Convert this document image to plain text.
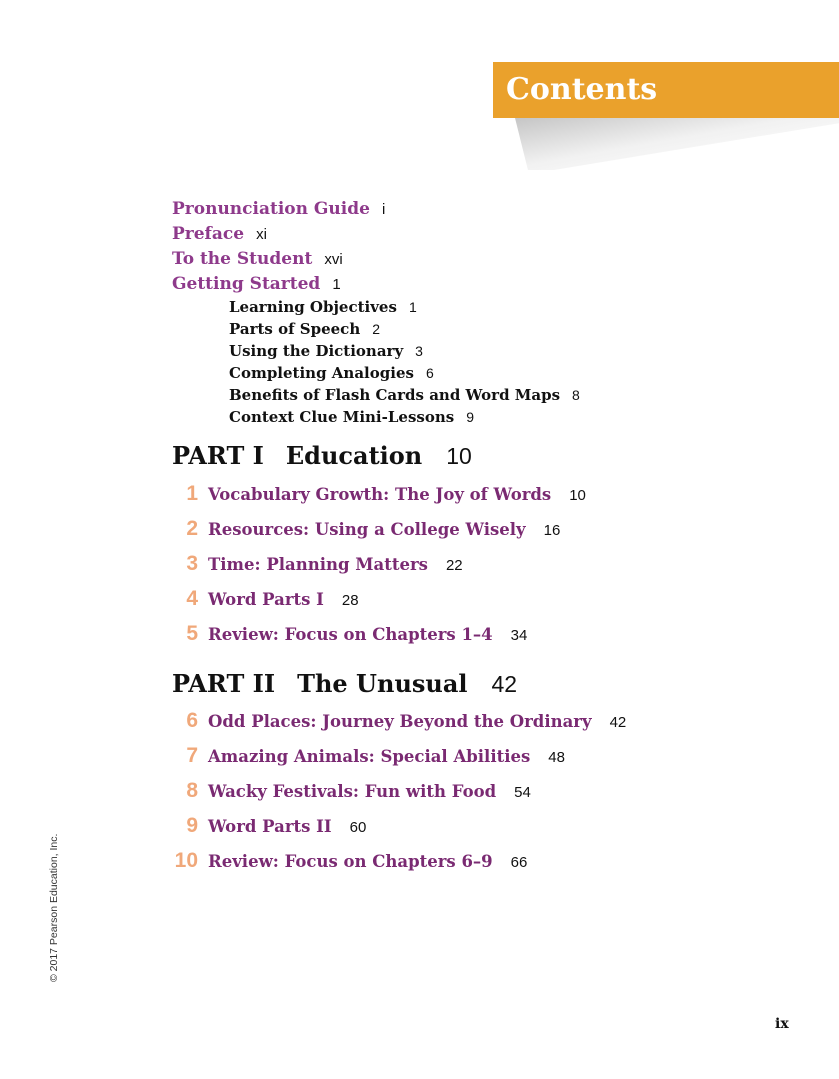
Contents
Pronunciation Guide i
Preface xi
To the Student xvi
Getting Started 1
Learning Objectives 1
Parts of Speech 2
Using the Dictionary 3
Completing Analogies 6
Benefits of Flash Cards and Word Maps 8
Context Clue Mini-Lessons 9
PART I Education 10
1 Vocabulary Growth: The Joy of Words 10
2 Resources: Using a College Wisely 16
3 Time: Planning Matters 22
4 Word Parts I 28
5 Review: Focus on Chapters 1–4 34
PART II The Unusual 42
6 Odd Places: Journey Beyond the Ordinary 42
7 Amazing Animals: Special Abilities 48
8 Wacky Festivals: Fun with Food 54
9 Word Parts II 60
10 Review: Focus on Chapters 6–9 66
© 2017 Pearson Education, Inc.
ix
